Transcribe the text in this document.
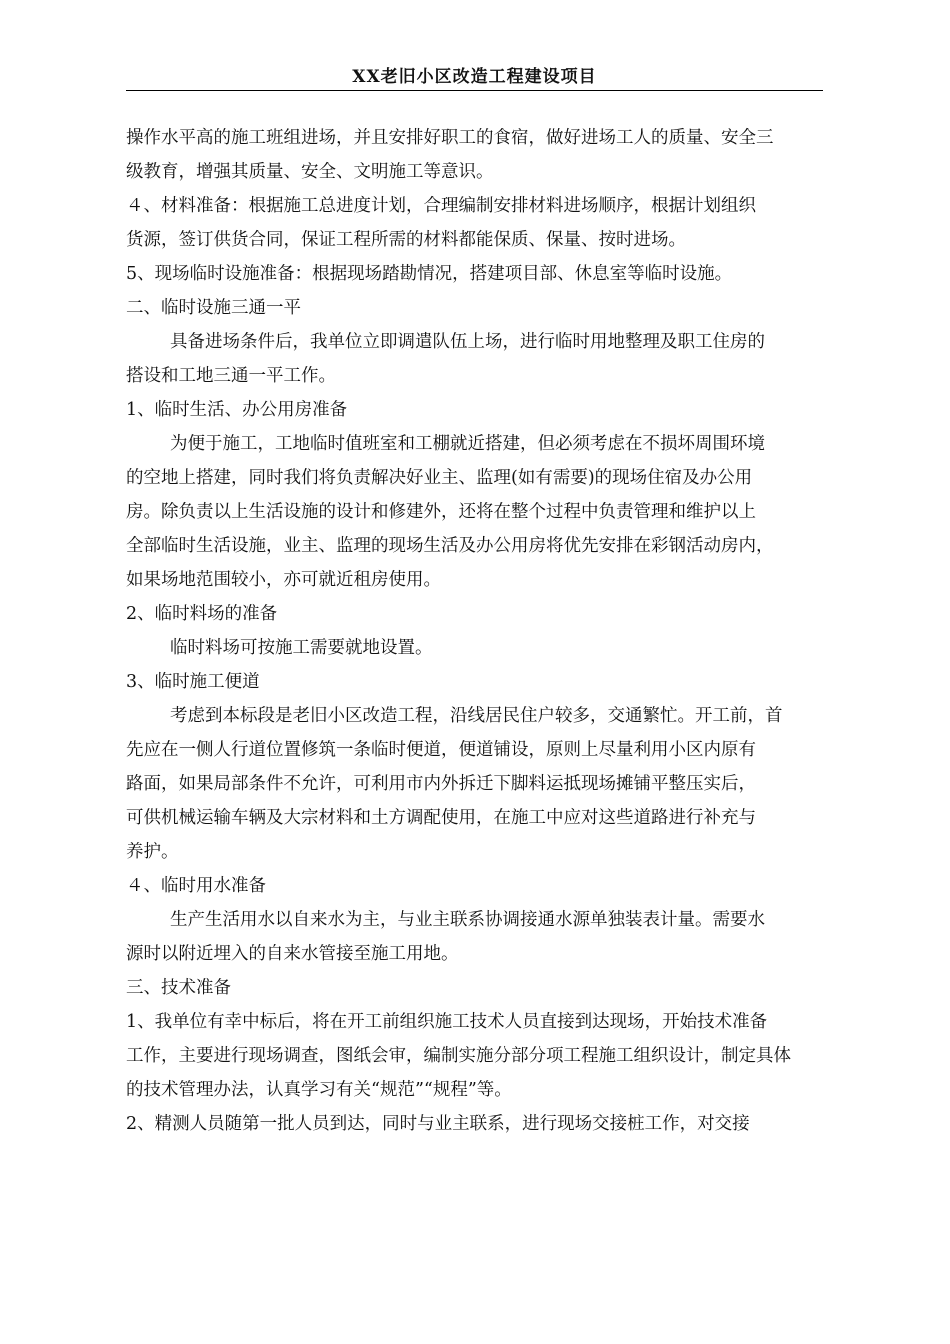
XX老旧小区改造工程建设项目
操作水平高的施工班组进场，并且安排好职工的食宿，做好进场工人的质量、安全三
级教育，增强其质量、安全、文明施工等意识。
４、材料准备：根据施工总进度计划，合理编制安排材料进场顺序，根据计划组织
货源，签订供货合同，保证工程所需的材料都能保质、保量、按时进场。
5、现场临时设施准备：根据现场踏勘情况，搭建项目部、休息室等临时设施。
二、临时设施三通一平
具备进场条件后，我单位立即调遣队伍上场，进行临时用地整理及职工住房的
搭设和工地三通一平工作。
1、临时生活、办公用房准备
为便于施工，工地临时值班室和工棚就近搭建，但必须考虑在不损坏周围环境
的空地上搭建，同时我们将负责解决好业主、监理(如有需要)的现场住宿及办公用
房。除负责以上生活设施的设计和修建外，还将在整个过程中负责管理和维护以上
全部临时生活设施，业主、监理的现场生活及办公用房将优先安排在彩钢活动房内，
如果场地范围较小，亦可就近租房使用。
2、临时料场的准备
临时料场可按施工需要就地设置。
3、临时施工便道
考虑到本标段是老旧小区改造工程，沿线居民住户较多，交通繁忙。开工前，首
先应在一侧人行道位置修筑一条临时便道，便道铺设，原则上尽量利用小区内原有
路面，如果局部条件不允许，可利用市内外拆迁下脚料运抵现场摊铺平整压实后，
可供机械运输车辆及大宗材料和土方调配使用，在施工中应对这些道路进行补充与
养护。
４、临时用水准备
生产生活用水以自来水为主，与业主联系协调接通水源单独装表计量。需要水
源时以附近埋入的自来水管接至施工用地。
三、技术准备
1、我单位有幸中标后，将在开工前组织施工技术人员直接到达现场，开始技术准备
工作，主要进行现场调查，图纸会审，编制实施分部分项工程施工组织设计，制定具体
的技术管理办法，认真学习有关“规范”“规程”等。
2、精测人员随第一批人员到达，同时与业主联系，进行现场交接桩工作，对交接
